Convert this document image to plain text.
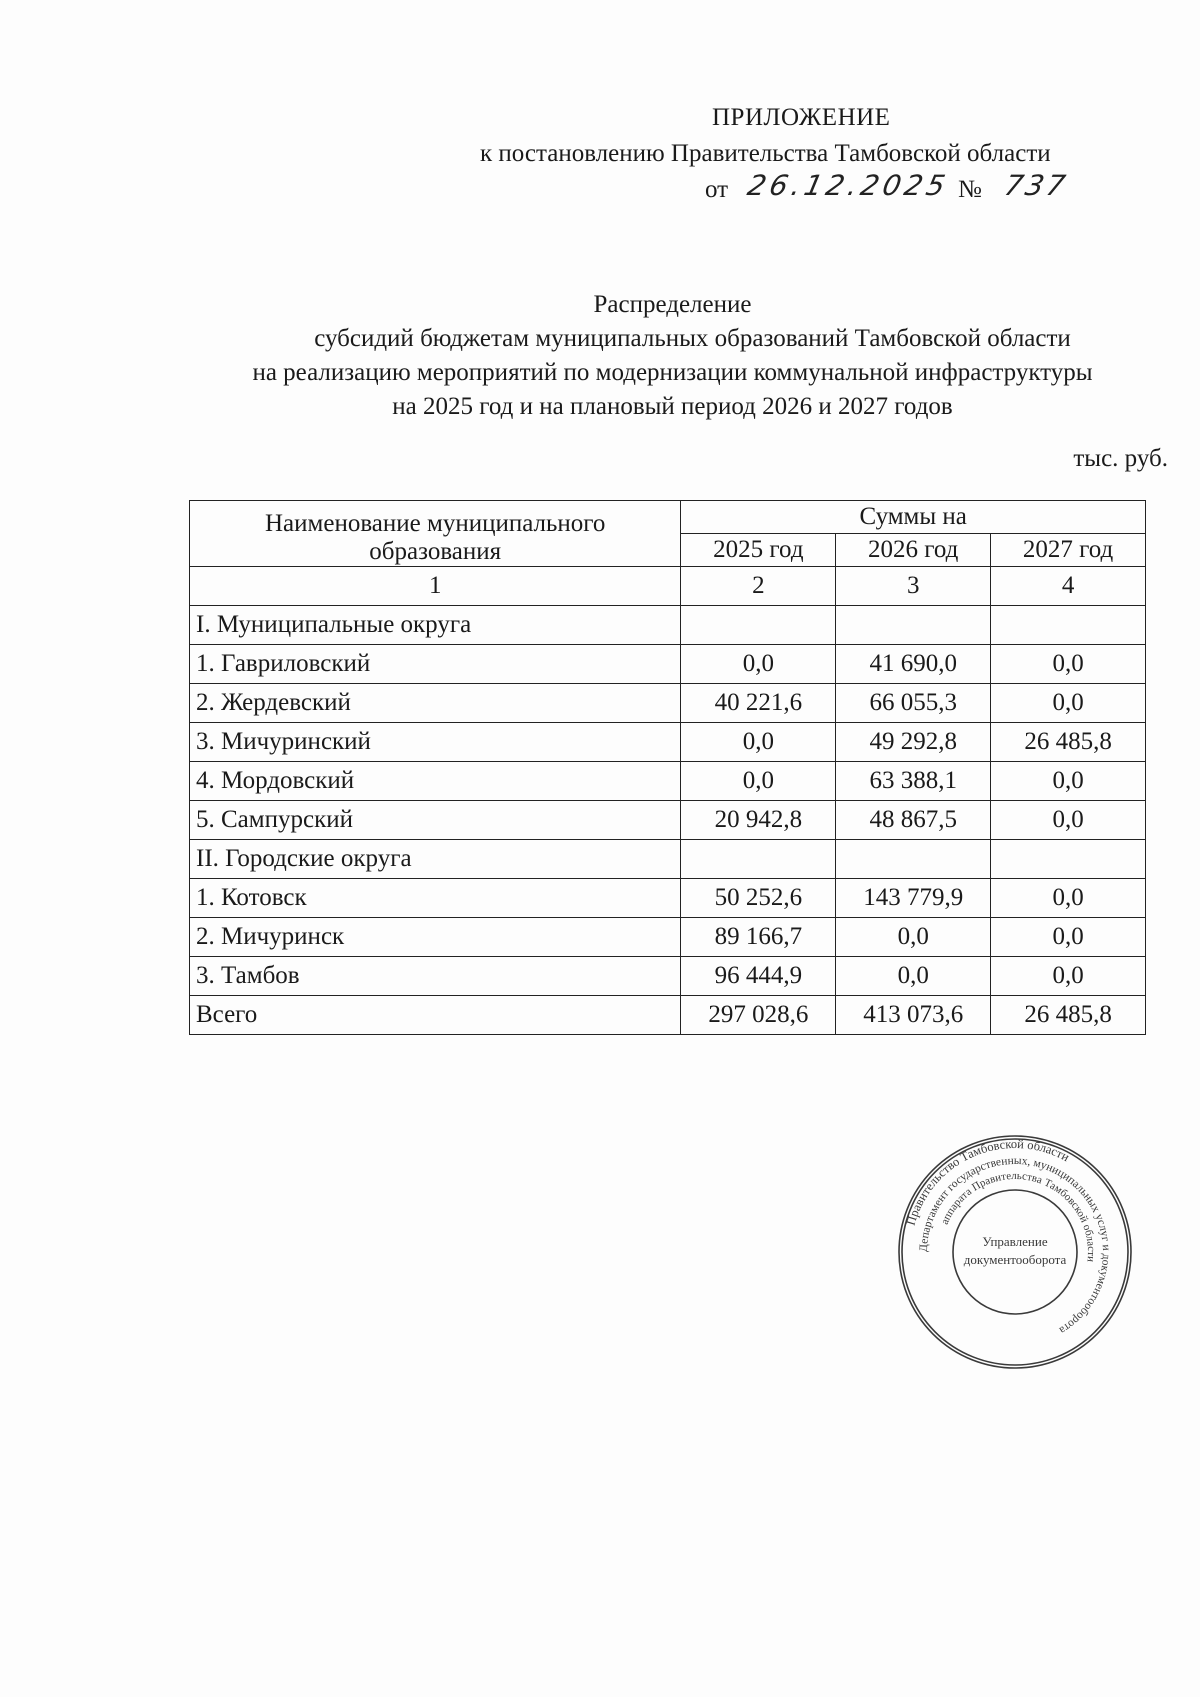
ПРИЛОЖЕНИЕ
к постановлению Правительства Тамбовской области
от 26.12.2025 № 737
Распределение
субсидий бюджетам муниципальных образований Тамбовской области
на реализацию мероприятий по модернизации коммунальной инфраструктуры
на 2025 год и на плановый период 2026 и 2027 годов
тыс. руб.
Наименование муниципального образования	Суммы на		
	2025 год	2026 год	2027 год
1	2	3	4
I. Муниципальные округа			
1. Гавриловский	0,0	41 690,0	0,0
2. Жердевский	40 221,6	66 055,3	0,0
3. Мичуринский	0,0	49 292,8	26 485,8
4. Мордовский	0,0	63 388,1	0,0
5. Сампурский	20 942,8	48 867,5	0,0
II. Городские округа			
1. Котовск	50 252,6	143 779,9	0,0
2. Мичуринск	89 166,7	0,0	0,0
3. Тамбов	96 444,9	0,0	0,0
Всего	297 028,6	413 073,6	26 485,8
Правительство Тамбовской области
Департамент государственных, муниципальных услуг и документооборота
аппарата Правительства Тамбовской области
Управление
документооборота
